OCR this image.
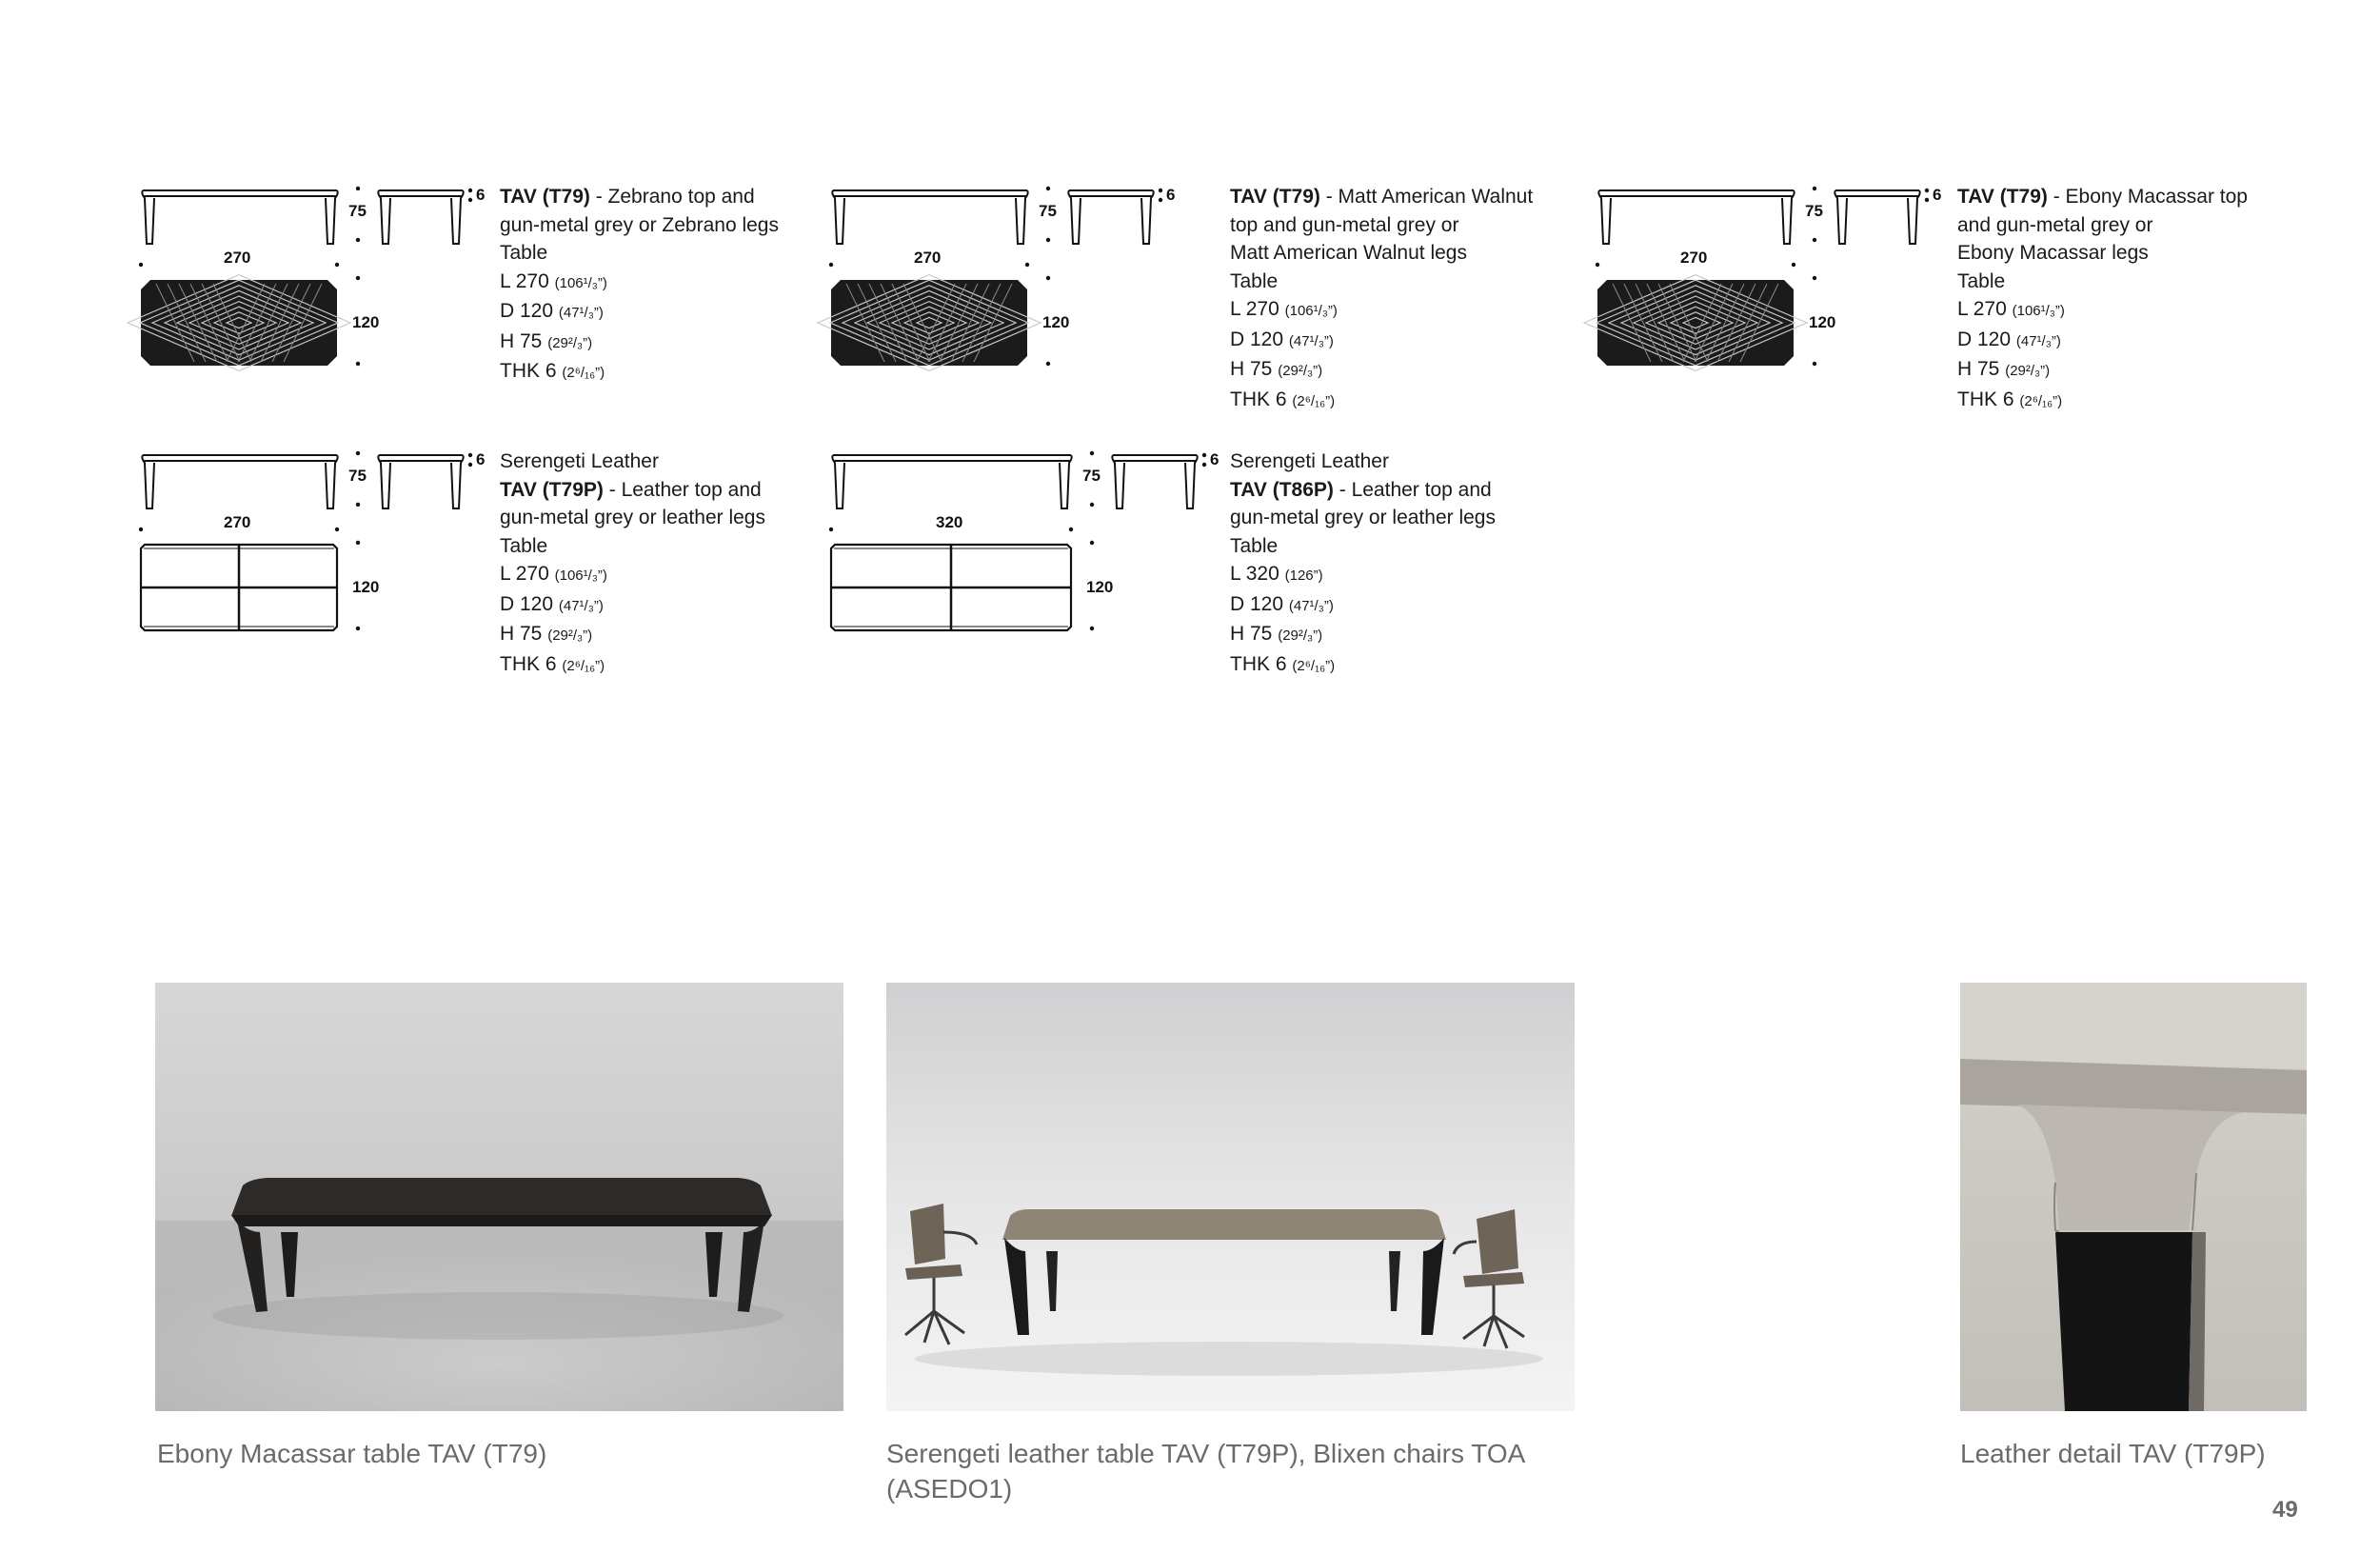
75
270
120
6 TAV (T79) - Zebrano top and
gun-metal grey or Zebrano legs
Table
L 270 (106¹/₃”)
D 120 (47¹/₃”)
H 75 (29²/₃”)
THK 6 (2⁶/₁₆”)
75
270
120
6	TAV (T79) - Matt American Walnut
top and gun-metal grey or
Matt American Walnut legs
Table
L 270 (106¹/₃”)
D 120 (47¹/₃”)
H 75 (29²/₃”)
THK 6 (2⁶/₁₆”)
75
270
120
6 TAV (T79) - Ebony Macassar top
and gun-metal grey or
Ebony Macassar legs
Table
L 270 (106¹/₃”)
D 120 (47¹/₃”)
H 75 (29²/₃”)
THK 6 (2⁶/₁₆”)
75
270
120
6 Serengeti Leather
TAV (T79P) - Leather top and
gun-metal grey or leather legs
Table
L 270 (106¹/₃”)
D 120 (47¹/₃”)
H 75 (29²/₃”)
THK 6 (2⁶/₁₆”)
75
320
120
6 Serengeti Leather
TAV (T86P) - Leather top and
gun-metal grey or leather legs
Table
L 320 (126”)
D 120 (47¹/₃”)
H 75 (29²/₃”)
THK 6 (2⁶/₁₆”)
Ebony Macassar table TAV (T79)	Serengeti leather table TAV (T79P), Blixen chairs TOA (ASEDO1)
Leather detail TAV (T79P)
49
